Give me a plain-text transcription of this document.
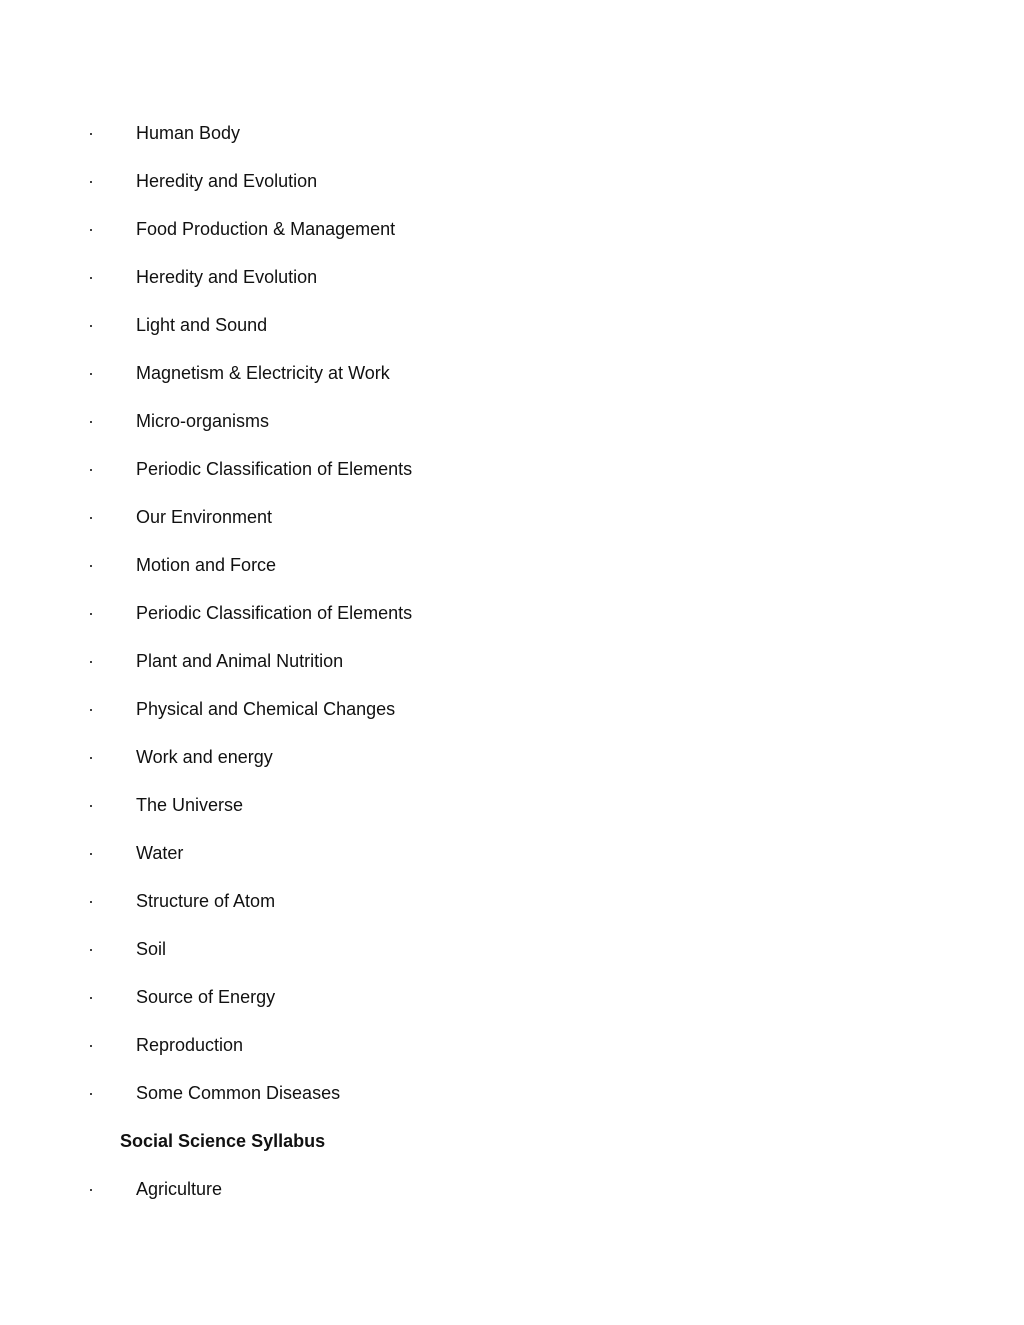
· Human Body
· Heredity and Evolution
· Food Production & Management
· Heredity and Evolution
· Light and Sound
· Magnetism & Electricity at Work
· Micro-organisms
· Periodic Classification of Elements
· Our Environment
· Motion and Force
· Periodic Classification of Elements
· Plant and Animal Nutrition
· Physical and Chemical Changes
· Work and energy
· The Universe
· Water
· Structure of Atom
· Soil
· Source of Energy
· Reproduction
· Some Common Diseases
Social Science Syllabus
· Agriculture
